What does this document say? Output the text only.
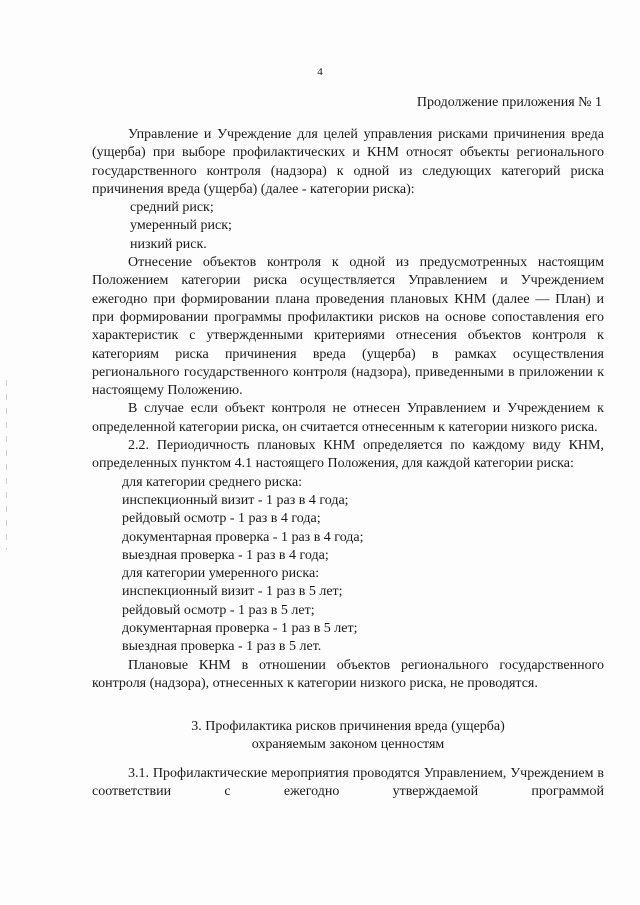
4
Продолжение приложения № 1

Управление и Учреждение для целей управления рисками причинения вреда (ущерба) при выборе профилактических и КНМ относят объекты регионального государственного контроля (надзора) к одной из следующих категорий риска причинения вреда (ущерба) (далее - категории риска):

средний риск;
умеренный риск;
низкий риск.

Отнесение объектов контроля к одной из предусмотренных настоящим Положением категории риска осуществляется Управлением и Учреждением ежегодно при формировании плана проведения плановых КНМ (далее — План) и при формировании программы профилактики рисков на основе сопоставления его характеристик с утвержденными критериями отнесения объектов контроля к категориям риска причинения вреда (ущерба) в рамках осуществления регионального государственного контроля (надзора), приведенными в приложении к настоящему Положению.

В случае если объект контроля не отнесен Управлением и Учреждением к определенной категории риска, он считается отнесенным к категории низкого риска.

2.2. Периодичность плановых КНМ определяется по каждому виду КНМ, определенных пунктом 4.1 настоящего Положения, для каждой категории риска:

для категории среднего риска:
инспекционный визит - 1 раз в 4 года;
рейдовый осмотр - 1 раз в 4 года;
документарная проверка - 1 раз в 4 года;
выездная проверка - 1 раз в 4 года;
для категории умеренного риска:
инспекционный визит - 1 раз в 5 лет;
рейдовый осмотр - 1 раз в 5 лет;
документарная проверка - 1 раз в 5 лет;
выездная проверка - 1 раз в 5 лет.

Плановые КНМ в отношении объектов регионального государственного контроля (надзора), отнесенных к категории низкого риска, не проводятся.

3. Профилактика рисков причинения вреда (ущерба)
охраняемым законом ценностям

3.1. Профилактические мероприятия проводятся Управлением, Учреждением в соответствии с ежегодно утверждаемой программой
